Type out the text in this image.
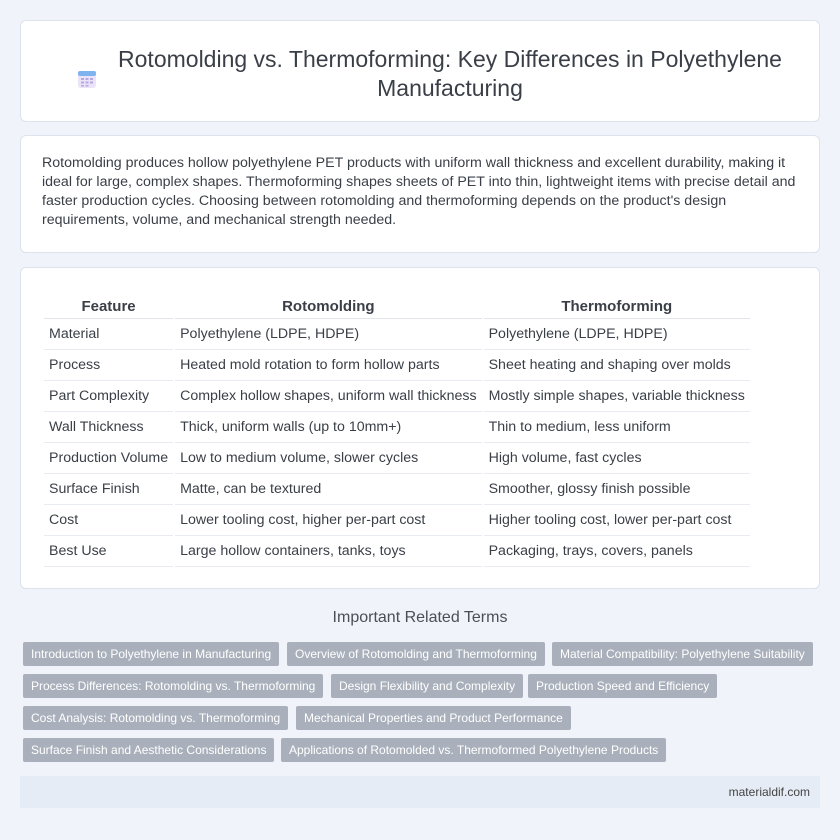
Rotomolding vs. Thermoforming: Key Differences in Polyethylene Manufacturing

Rotomolding produces hollow polyethylene PET products with uniform wall thickness and excellent durability, making it ideal for large, complex shapes. Thermoforming shapes sheets of PET into thin, lightweight items with precise detail and faster production cycles. Choosing between rotomolding and thermoforming depends on the product's design requirements, volume, and mechanical strength needed.

Feature	Rotomolding	Thermoforming
Material	Polyethylene (LDPE, HDPE)	Polyethylene (LDPE, HDPE)
Process	Heated mold rotation to form hollow parts	Sheet heating and shaping over molds
Part Complexity	Complex hollow shapes, uniform wall thickness	Mostly simple shapes, variable thickness
Wall Thickness	Thick, uniform walls (up to 10mm+)	Thin to medium, less uniform
Production Volume	Low to medium volume, slower cycles	High volume, fast cycles
Surface Finish	Matte, can be textured	Smoother, glossy finish possible
Cost	Lower tooling cost, higher per-part cost	Higher tooling cost, lower per-part cost
Best Use	Large hollow containers, tanks, toys	Packaging, trays, covers, panels
Important Related Terms
Introduction to Polyethylene in Manufacturing	Overview of Rotomolding and Thermoforming	Material Compatibility: Polyethylene Suitability
Process Differences: Rotomolding vs. Thermoforming	Design Flexibility and Complexity	Production Speed and Efficiency
Cost Analysis: Rotomolding vs. Thermoforming	Mechanical Properties and Product Performance
Surface Finish and Aesthetic Considerations	Applications of Rotomolded vs. Thermoformed Polyethylene Products
materialdif.com
